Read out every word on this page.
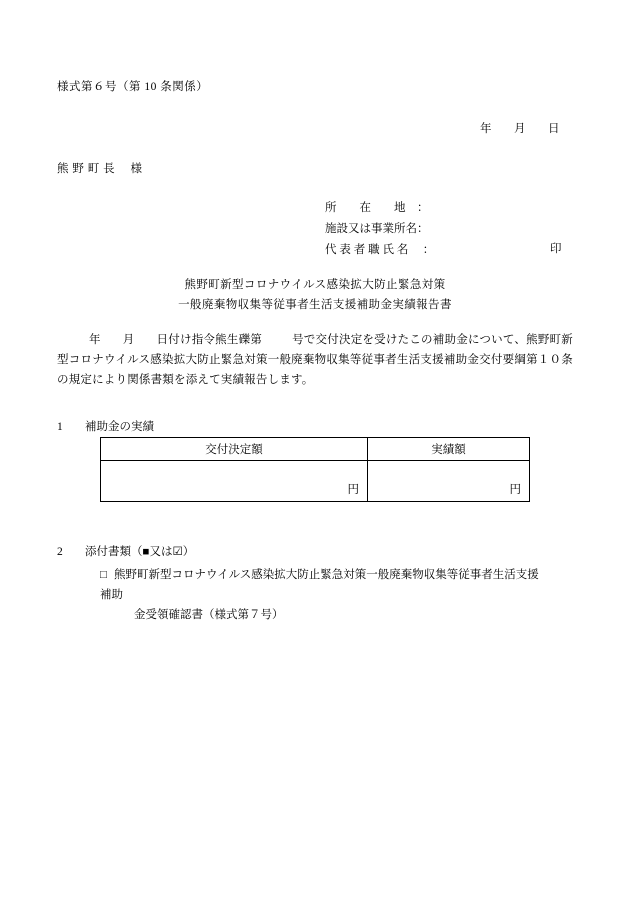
様式第６号（第 10 条関係）
年 月 日
熊 野 町 長 　様
所　　在　　地　：
施設又は事業所名：
代 表 者 職 氏 名 　：	印
熊野町新型コロナウイルス感染拡大防止緊急対策
一般廃棄物収集等従事者生活支援補助金実績報告書
年 月 日付け指令熊生礫第	号で交付決定を受けたこの補助金について、熊野町新型コロナウイルス感染拡大防止緊急対策一般廃棄物収集等従事者生活支援補助金交付要綱第１０条の規定により関係書類を添えて実績報告します。
1 補助金の実績
交付決定額	実績額
円	円
2 添付書類（■又は☑）
□ 熊野町新型コロナウイルス感染拡大防止緊急対策一般廃棄物収集等従事者生活支援補助
金受領確認書（様式第７号）
